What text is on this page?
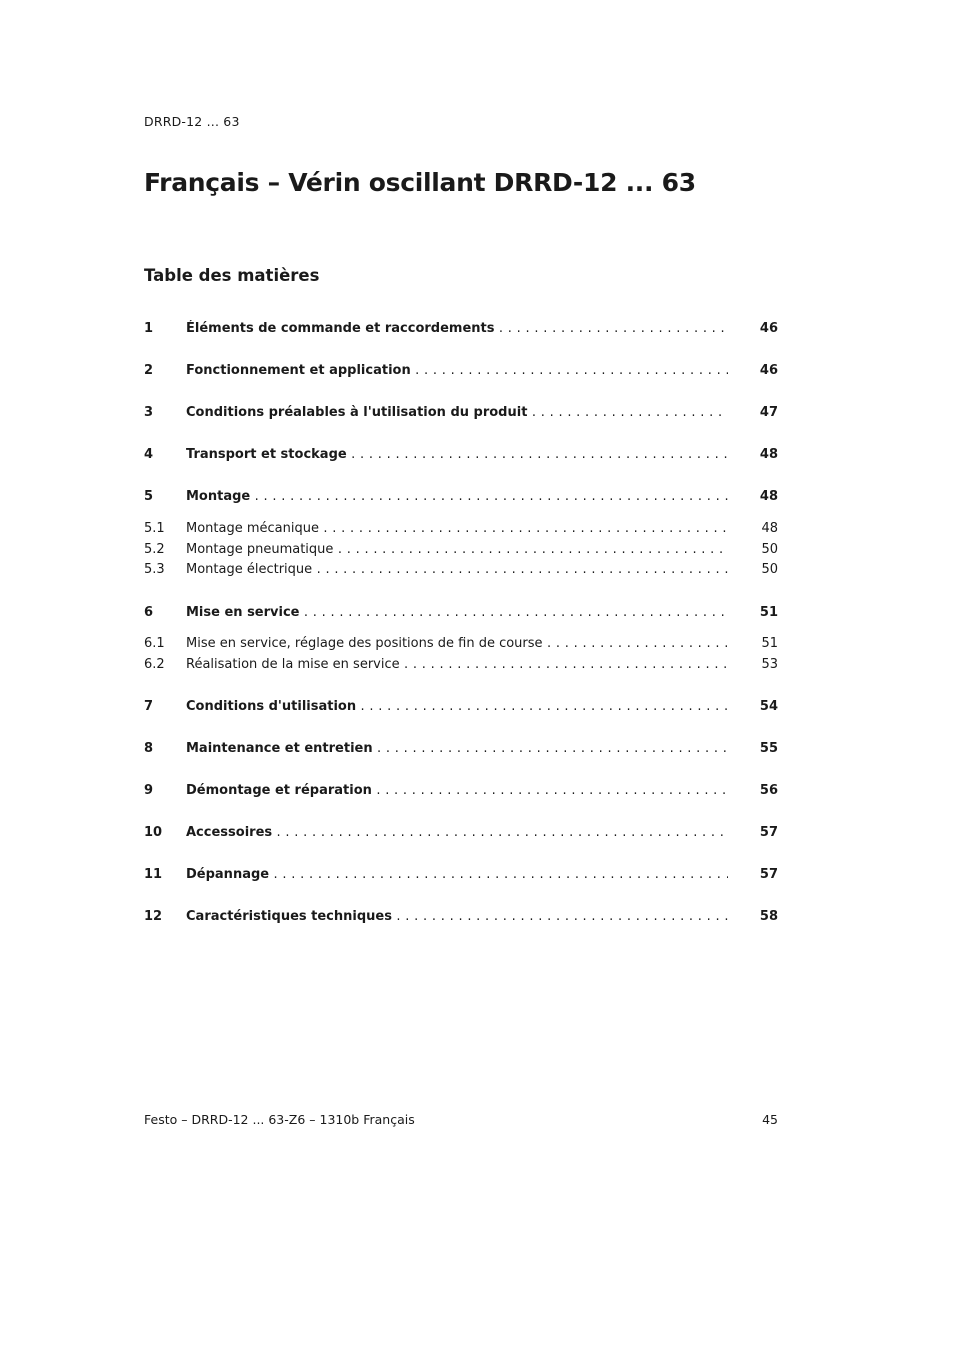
DRRD-12 ... 63
Français – Vérin oscillant DRRD-12 ... 63
Table des matières
1	Éléments de commande et raccordements . . .	46
2	Fonctionnement et application . . .	46
3	Conditions préalables à l'utilisation du produit . . .	47
4	Transport et stockage . . .	48
5	Montage . . .	48
5.1 Montage mécanique . . .	48
5.2 Montage pneumatique . . .	50
5.3 Montage électrique . . .	50
6	Mise en service . . .	51
6.1 Mise en service, réglage des positions de fin de course . . .	51
6.2 Réalisation de la mise en service . . .	53
7	Conditions d'utilisation . . .	54
8	Maintenance et entretien . . .	55
9	Démontage et réparation . . .	56
10 Accessoires . . .	57
11 Dépannage . . .	57
12 Caractéristiques techniques . . .	58
Festo – DRRD-12 ... 63-Z6 – 1310b Français	45
